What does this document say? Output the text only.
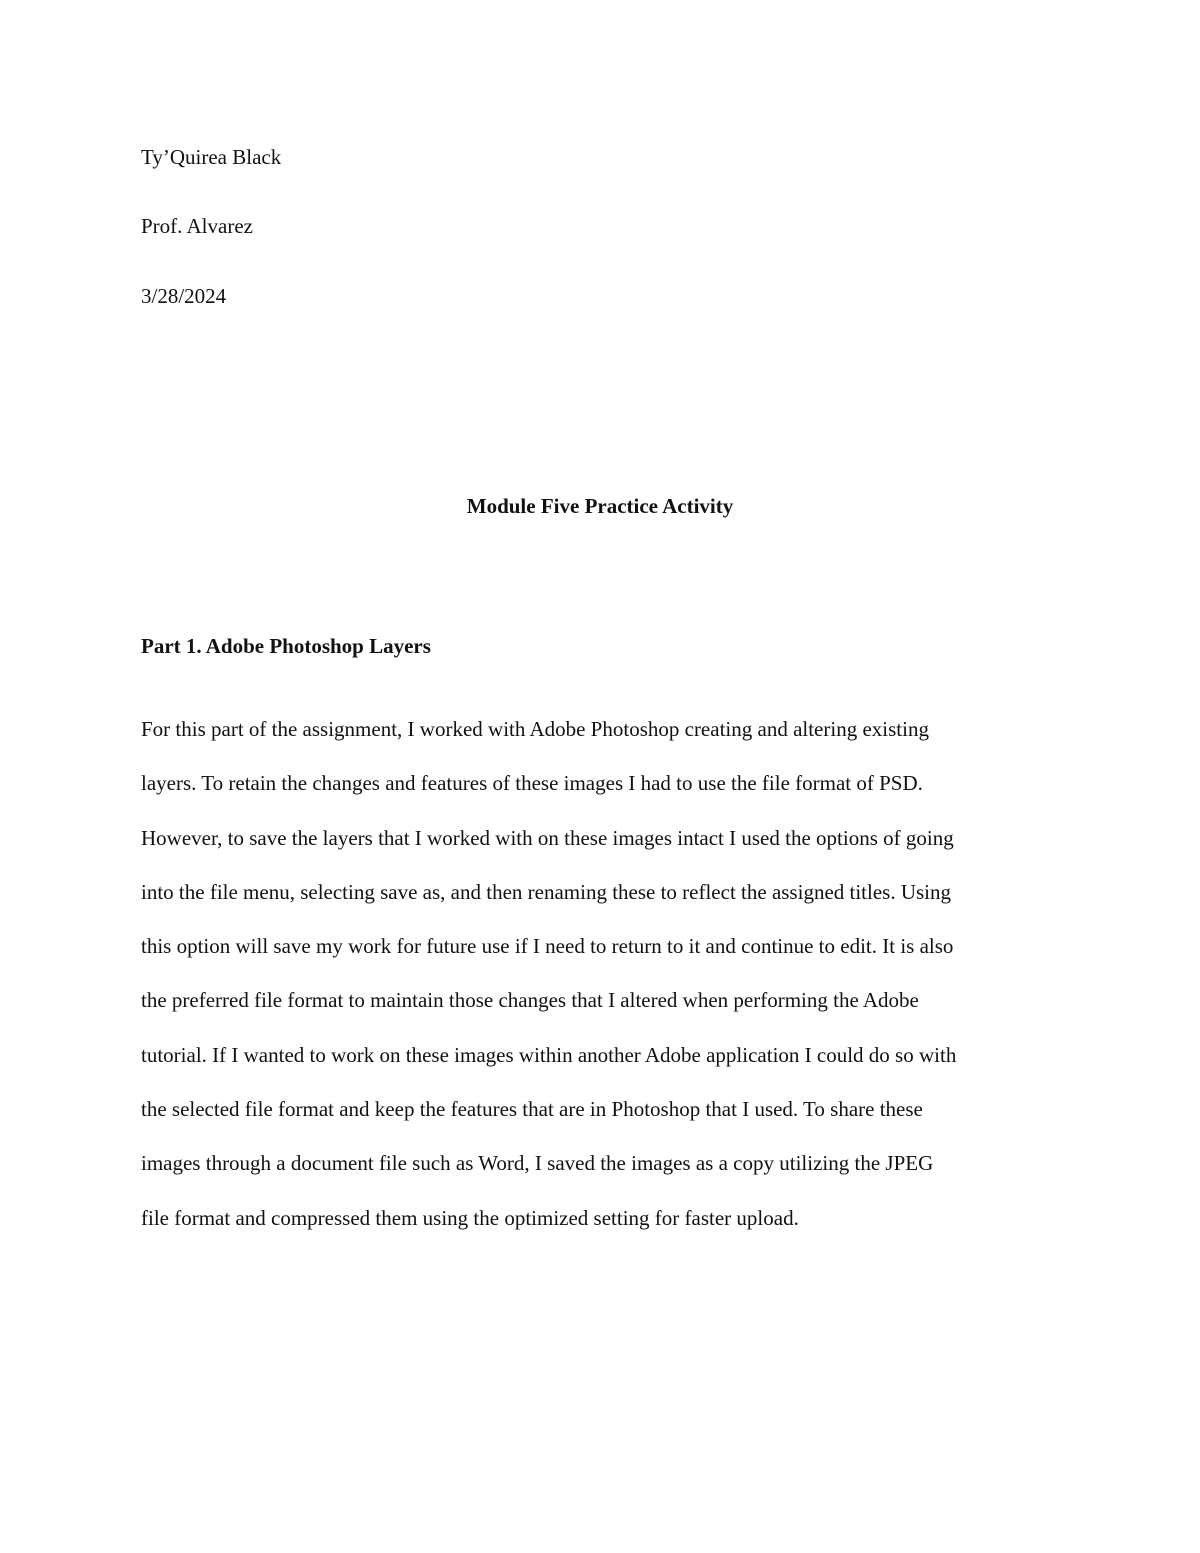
Ty’Quirea Black
Prof. Alvarez
3/28/2024
Module Five Practice Activity
Part 1. Adobe Photoshop Layers
For this part of the assignment, I worked with Adobe Photoshop creating and altering existing
layers. To retain the changes and features of these images I had to use the file format of PSD.
However, to save the layers that I worked with on these images intact I used the options of going
into the file menu, selecting save as, and then renaming these to reflect the assigned titles. Using
this option will save my work for future use if I need to return to it and continue to edit. It is also
the preferred file format to maintain those changes that I altered when performing the Adobe
tutorial. If I wanted to work on these images within another Adobe application I could do so with
the selected file format and keep the features that are in Photoshop that I used. To share these
images through a document file such as Word, I saved the images as a copy utilizing the JPEG
file format and compressed them using the optimized setting for faster upload.
